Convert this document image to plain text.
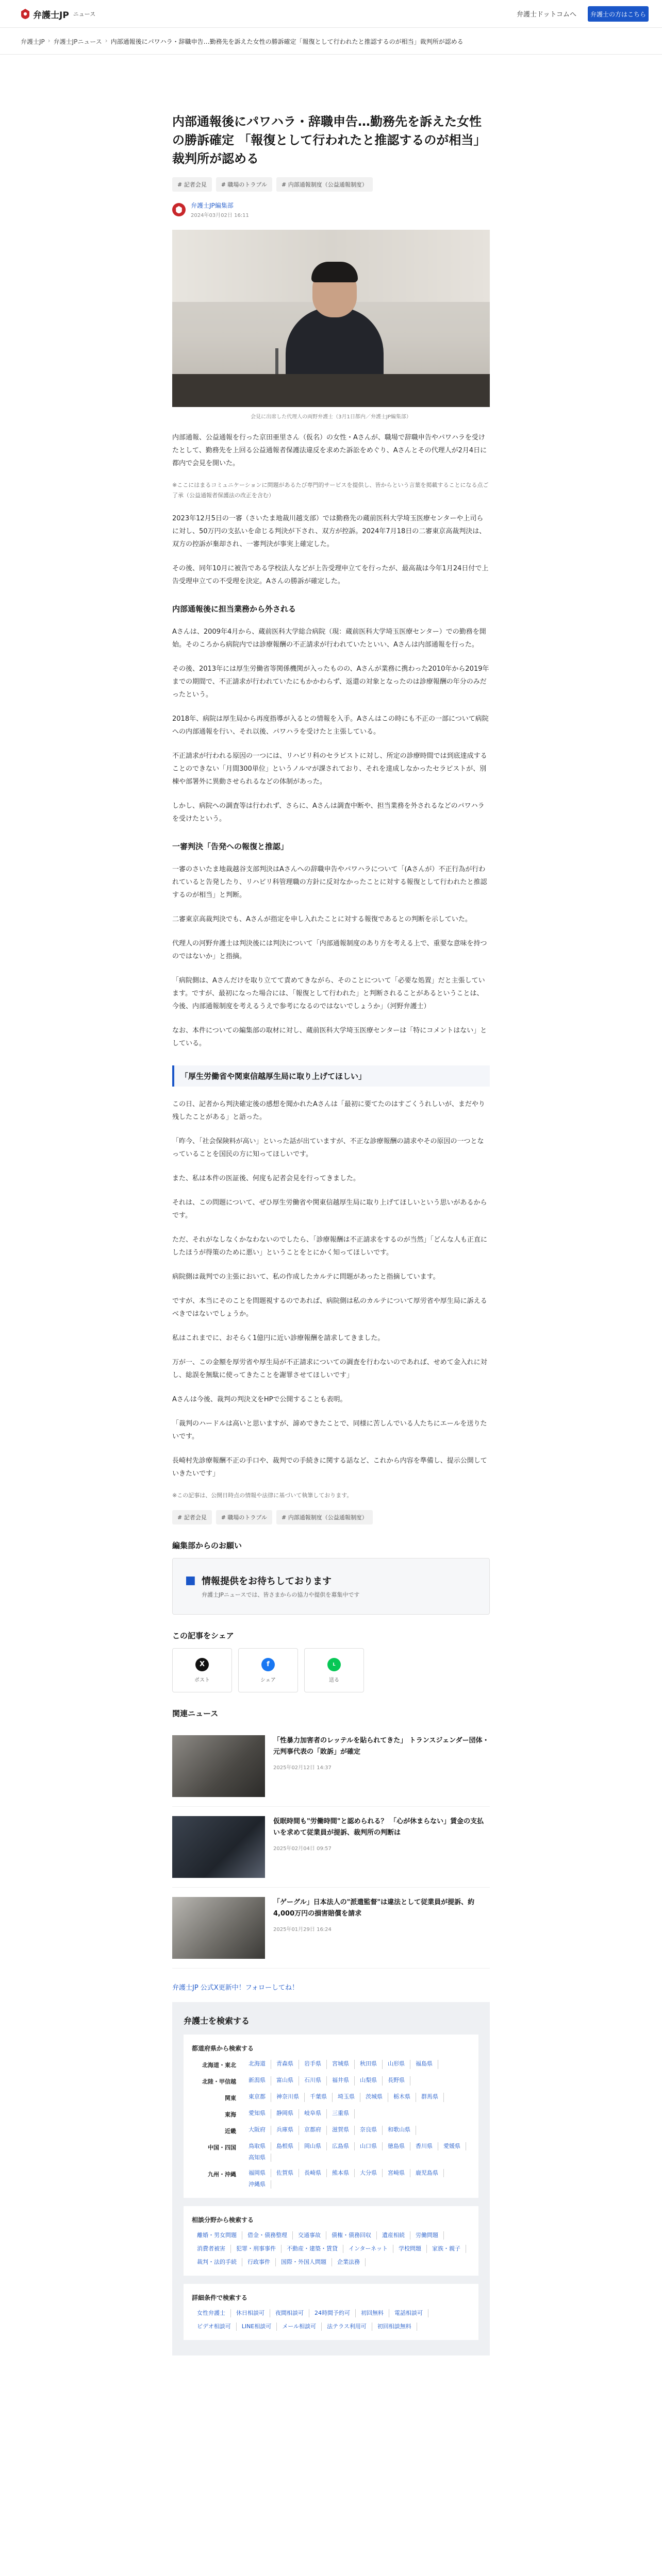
弁護士JP ニュース	弁護士ドットコムへ	弁護士の方はこちら
弁護士JP › 弁護士JPニュース › 内部通報後にパワハラ・辞職申告…勤務先を訴えた女性の勝訴確定「報復として行われたと推認するのが相当」裁判所が認める
内部通報後にパワハラ・辞職申告…勤務先を訴えた女性の勝訴確定 「報復として行われたと推認するのが相当」裁判所が認める
# 記者会見	# 職場のトラブル	# 内部通報制度（公益通報制度）
弁護士JP編集部
2024年03月02日 16:11
会見に出席した代理人の両野弁護士（3月1日都内／弁護士JP編集部）

内部通報、公益通報を行った京田亜里さん（仮名）の女性・Aさんが、職場で辞職申告やパワハラを受けたとして、勤務先を上回る公益通報者保護法違反を求めた訴訟をめぐり、Aさんとその代理人が2月4日に都内で会見を開いた。

※ここにはまるコミュニケーションに問題があるたび専門的サービスを提供し、皆からという言葉を掲載することになる点ご了承（公益通報者保護法の改正を含む）

2023年12月5日の一審（さいたま地裁川越支部）では勤務先の蔵前医科大学埼玉医療センターや上司らに対し、50万円の支払いを命じる判決が下され、双方が控訴。2024年7月18日の二審東京高裁判決は、双方の控訴が棄却され、一審判決が事実上確定した。

その後、同年10月に被告である学校法人などが上告受理申立てを行ったが、最高裁は今年1月24日付で上告受理申立ての不受理を決定。Aさんの勝訴が確定した。

内部通報後に担当業務から外される

Aさんは、2009年4月から、蔵前医科大学総合病院（現：蔵前医科大学埼玉医療センター）での勤務を開始。そのころから病院内では診療報酬の不正請求が行われていたといい、Aさんは内部通報を行った。

その後、2013年には厚生労働省等関係機関が入ったものの、Aさんが業務に携わった2010年から2019年までの期間で、不正請求が行われていたにもかかわらず、返還の対象となったのは診療報酬の年分のみだったという。

2018年、病院は厚生局から再度指導が入るとの情報を入手。Aさんはこの時にも不正の一部について病院への内部通報を行い、それ以後、パワハラを受けたと主張している。

不正請求が行われる原因の一つには、リハビリ科のセラピストに対し、所定の診療時間では到底達成することのできない「月間300単位」というノルマが課されており、それを達成しなかったセラピストが、別棟や部署外に異動させられるなどの体制があった。

しかし、病院への調査等は行われず、さらに、Aさんは調査中断や、担当業務を外されるなどのパワハラを受けたという。

一審判決「告発への報復と推認」

一審のさいたま地裁越谷支部判決はAさんへの辞職申告やパワハラについて「(Aさんが）不正行為が行われていると告発したり、リハビリ科管理職の方針に反対なかったことに対する報復として行われたと推認するのが相当」と判断。

二審東京高裁判決でも、Aさんが指定を申し入れたことに対する報復であるとの判断を示していた。

代理人の河野弁護士は判決後には判決について「内部通報制度のあり方を考える上で、重要な意味を持つのではないか」と指摘。

「病院側は、Aさんだけを取り立てて責めてきながら、そのことについて「必要な処置」だと主張しています。ですが、最初になった場合には、「報復として行われた」と判断されることがあるということは、今後、内部通報制度を考えるうえで参考になるのではないでしょうか」（河野弁護士）

なお、本件についての編集部の取材に対し、蔵前医科大学埼玉医療センターは「特にコメントはない」としている。

「厚生労働省や関東信越厚生局に取り上げてほしい」

この日、記者から判決確定後の感想を聞かれたAさんは「最初に要てたのはすごくうれしいが、まだやり残したことがある」と語った。

「昨今、「社会保険料が高い」といった話が出ていますが、不正な診療報酬の請求やその原因の一つとなっていることを国民の方に知ってほしいです。

また、私は本件の医証後、何度も記者会見を行ってきました。

それは、この問題について、ぜひ厚生労働省や関東信越厚生局に取り上げてほしいという思いがあるからです。

ただ、それがなしなくかなわないのでしたら、「診療報酬は不正請求をするのが当然」「どんな人も正直にしたほうが得策のために悪い」ということをとにかく知ってほしいです。

病院側は裁判での主張において、私の作成したカルテに問題があったと指摘しています。

ですが、本当にそのことを問題視するのであれば、病院側は私のカルテについて厚労省や厚生局に訴えるべきではないでしょうか。

私はこれまでに、おそらく1億円に近い診療報酬を請求してきました。

万が一、この金額を厚労省や厚生局が不正請求についての調査を行わないのであれば、せめて金入れに対し、総誤を無駄に使ってきたことを謝罪させてほしいです」

Aさんは今後、裁判の判決文をHPで公開することも表明。

「裁判のハードルは高いと思いますが、諦めできたことで、同様に苦しんでいる人たちにエールを送りたいです。

長崎村先診療報酬不正の手口や、裁判での手続きに関する話など、これから内容を準備し、提示公開していきたいです」

※この記事は、公開日時点の情報や法律に基づいて執筆しております。

# 記者会見	# 職場のトラブル	# 内部通報制度（公益通報制度）
編集部からのお願い
■ 情報提供をお待ちしております
弁護士JPニュースでは、皆さまからの協力や提供を募集中です
この記事をシェア
X
ポスト
f
シェア
L
送る
関連ニュース
「性暴力加害者のレッテルを貼られてきた」 トランスジェンダー団体・元判事代表の「敗訴」が確定
2025年02月12日 14:37
仮眠時間も"労働時間"と認められる？ 「心が休まらない」賃金の支払いを求めて従業員が提訴、裁判所の判断は
2025年02月04日 09:57
「ゲーグル」日本法人の"派遣監督"は違法として従業員が提訴、約4,000万円の損害賠償を請求
2025年01月29日 16:24
弁護士JP 公式X更新中！フォローしてね！
弁護士を検索する
都道府県から検索する
北海道・東北	北海道	青森県	岩手県	宮城県	秋田県	山形県	福島県
北陸・甲信越	新潟県	富山県	石川県	福井県	山梨県	長野県
関東	東京都	神奈川県	千葉県	埼玉県	茨城県	栃木県	群馬県
東海	愛知県	静岡県	岐阜県	三重県
近畿	大阪府	兵庫県	京都府	滋賀県	奈良県	和歌山県
中国・四国	鳥取県	島根県	岡山県	広島県	山口県	徳島県	香川県	愛媛県
高知県
九州・沖縄	福岡県	佐賀県	長崎県	熊本県	大分県	宮崎県	鹿児島県
沖縄県
相談分野から検索する
離婚・男女問題	借金・債務整理	交通事故	債権・債務回収	遺産相続	労働問題
消費者被害	犯罪・刑事事件	不動産・建築・賃貸	インターネット	学校問題	家族・親子
裁判・法的手続	行政事件	国際・外国人問題	企業法務
詳細条件で検索する
女性弁護士	休日相談可	夜間相談可	24時間予約可	初回無料	電話相談可
ビデオ相談可	LINE相談可	メール相談可	法テラス利用可	初回相談無料
